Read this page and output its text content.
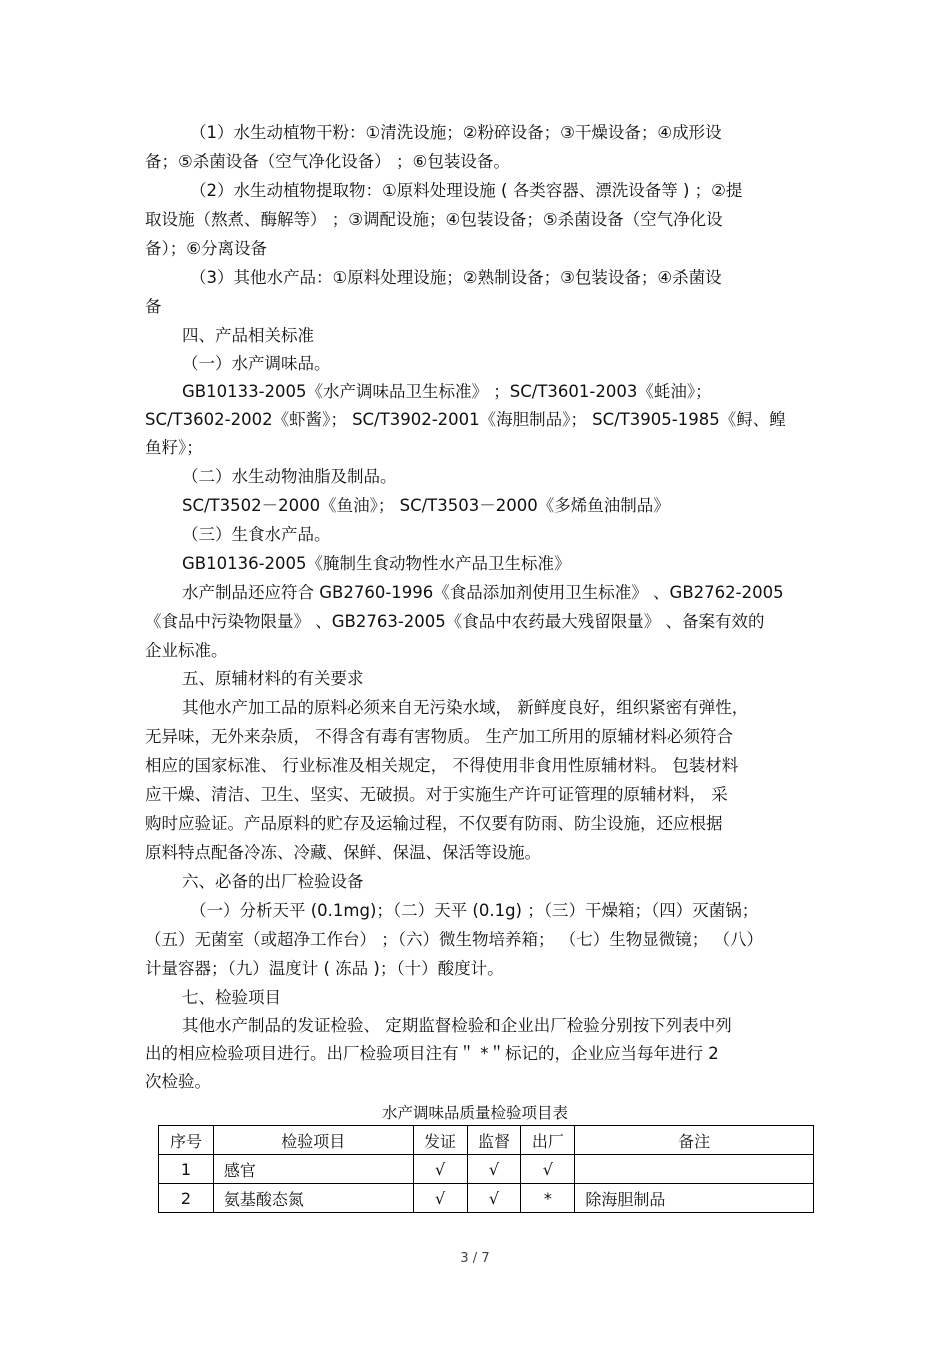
（1）水生动植物干粉：①清洗设施；②粉碎设备；③干燥设备；④成形设
备；⑤杀菌设备（空气净化设备） ；⑥包装设备。
（2）水生动植物提取物：①原料处理设施 ( 各类容器、漂洗设备等 ) ；②提
取设施（熬煮、酶解等） ；③调配设施；④包装设备；⑤杀菌设备（空气净化设
备）；⑥分离设备
（3）其他水产品：①原料处理设施；②熟制设备；③包装设备；④杀菌设
备
四、产品相关标准
（一）水产调味品。
GB10133-2005《水产调味品卫生标准》 ；SC/T3601-2003《蚝油》；
SC/T3602-2002《虾酱》； SC/T3902-2001《海胆制品》； SC/T3905-1985《鲟、鳇
鱼籽》；
（二）水生动物油脂及制品。
SC/T3502－2000《鱼油》； SC/T3503－2000《多烯鱼油制品》
（三）生食水产品。
GB10136-2005《腌制生食动物性水产品卫生标准》
水产制品还应符合 GB2760-1996《食品添加剂使用卫生标准》 、GB2762-2005
《食品中污染物限量》 、GB2763-2005《食品中农药最大残留限量》 、备案有效的
企业标准。
五、原辅材料的有关要求
其他水产加工品的原料必须来自无污染水域， 新鲜度良好，组织紧密有弹性，
无异味，无外来杂质， 不得含有毒有害物质。 生产加工所用的原辅材料必须符合
相应的国家标准、 行业标准及相关规定， 不得使用非食用性原辅材料。 包装材料
应干燥、清洁、卫生、坚实、无破损。对于实施生产许可证管理的原辅材料， 采
购时应验证。产品原料的贮存及运输过程，不仅要有防雨、防尘设施，还应根据
原料特点配备冷冻、冷藏、保鲜、保温、保活等设施。
六、必备的出厂检验设备
（一）分析天平 (0.1mg)；（二）天平 (0.1g) ；（三）干燥箱；（四）灭菌锅；
（五）无菌室（或超净工作台） ；（六）微生物培养箱； （七）生物显微镜； （八）
计量容器；（九）温度计 ( 冻品 )；（十）酸度计。
七、检验项目
其他水产制品的发证检验、 定期监督检验和企业出厂检验分别按下列表中列
出的相应检验项目进行。出厂检验项目注有＂ *＂标记的，企业应当每年进行 2
次检验。
水产调味品质量检验项目表
序号	检验项目	发证	监督	出厂	备注
1	感官	√	√	√	
2	氨基酸态氮	√	√	*	除海胆制品
3 / 7
